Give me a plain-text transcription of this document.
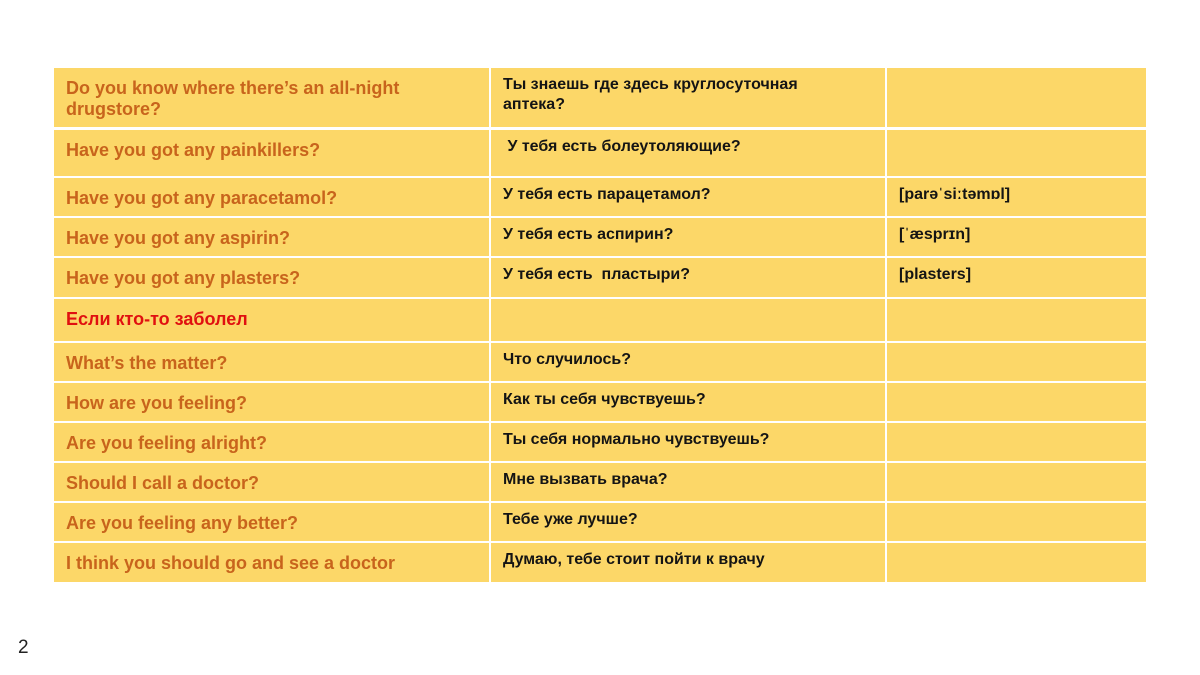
Do you know where there’s an all-night drugstore?	Ты знаешь где здесь круглосуточная
аптека?	

Have you got any painkillers?	У тебя есть болеутоляющие?	

Have you got any paracetamol?	У тебя есть парацетамол?	[parəˈsiːtəmɒl]

Have you got any aspirin?	У тебя есть аспирин?	[ˈæsprɪn]

Have you got any plasters?	У тебя есть  пластыри?	[plasters]

Если кто-то заболел		

What’s the matter?	Что случилось?	

How are you feeling?	Как ты себя чувствуешь?	

Are you feeling alright?	Ты себя нормально чувствуешь?	

Should I call a doctor?	Мне вызвать врача?	

Are you feeling any better?	Тебе уже лучше?	

I think you should go and see a doctor	Думаю, тебе стоит пойти к врачу	

2
